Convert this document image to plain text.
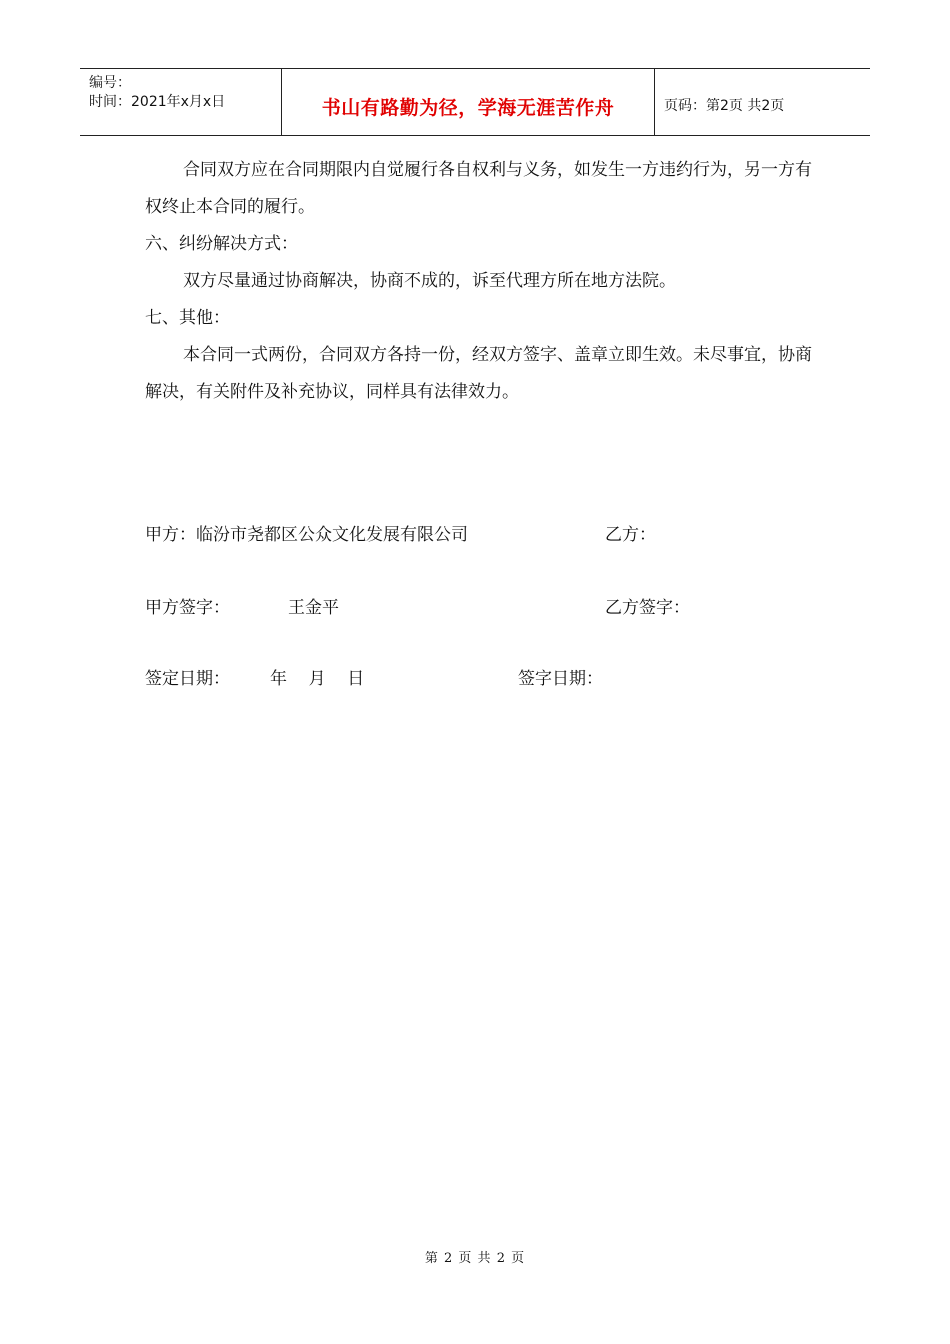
编号：
时间：2021年x月x日	书山有路勤为径，学海无涯苦作舟	页码：第2页 共2页

合同双方应在合同期限内自觉履行各自权利与义务，如发生一方违约行为，另一方有权终止本合同的履行。

六、纠纷解决方式：

双方尽量通过协商解决，协商不成的，诉至代理方所在地方法院。

七、其他：

本合同一式两份，合同双方各持一份，经双方签字、盖章立即生效。未尽事宜，协商解决，有关附件及补充协议，同样具有法律效力。

甲方：临汾市尧都区公众文化发展有限公司	乙方：
甲方签字：	王金平	乙方签字：
签定日期： 年    月    日	签字日期：
第 2 页 共 2 页
